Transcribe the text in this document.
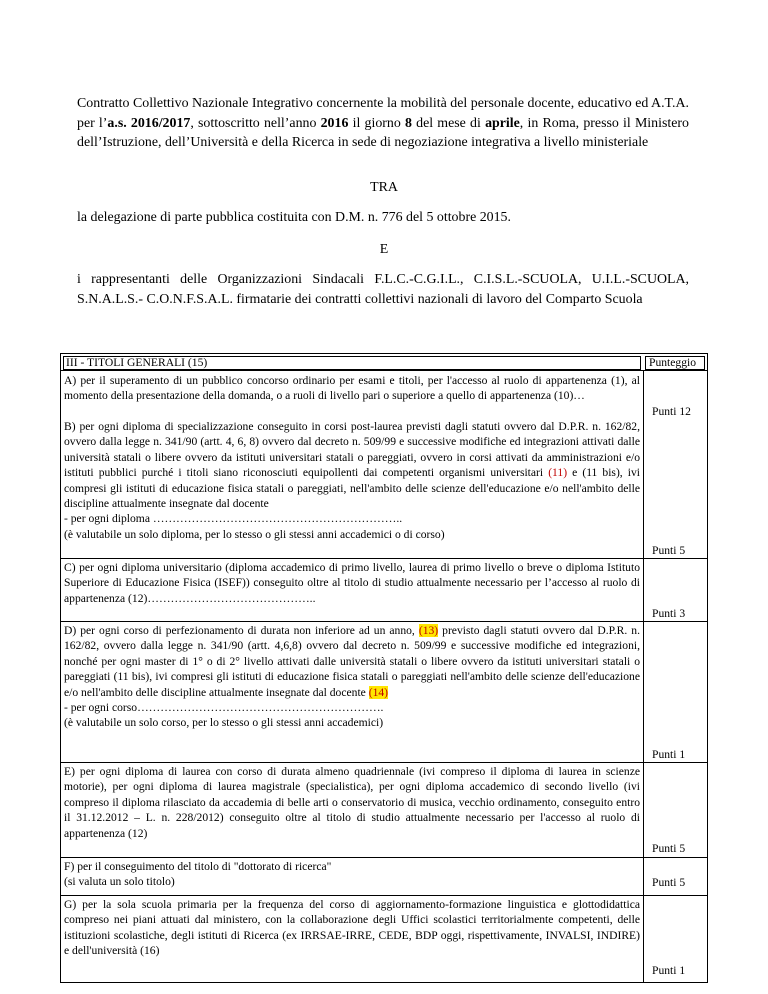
Contratto Collettivo Nazionale Integrativo concernente la mobilità del personale docente, educativo ed A.T.A. per l’a.s. 2016/2017, sottoscritto nell’anno 2016 il giorno 8 del mese di aprile, in Roma, presso il Ministero dell’Istruzione, dell’Università e della Ricerca in sede di negoziazione integrativa a livello ministeriale
TRA
la delegazione di parte pubblica costituita con D.M. n. 776 del 5 ottobre 2015.
E
i rappresentanti delle Organizzazioni Sindacali F.L.C.-C.G.I.L., C.I.S.L.-SCUOLA, U.I.L.-SCUOLA, S.N.A.L.S.- C.O.N.F.S.A.L. firmatarie dei contratti collettivi nazionali di lavoro del Comparto Scuola
III - TITOLI GENERALI (15)	Punteggio
A) per il superamento di un pubblico concorso ordinario per esami e titoli, per l'accesso al ruolo di appartenenza (1), al momento della presentazione della domanda, o a ruoli di livello pari o superiore a quello di appartenenza (10)…
Punti 12
B) per ogni diploma di specializzazione conseguito in corsi post-laurea previsti dagli statuti ovvero dal D.P.R. n. 162/82, ovvero dalla legge n. 341/90 (artt. 4, 6, 8) ovvero dal decreto n. 509/99 e successive modifiche ed integrazioni attivati dalle università statali o libere ovvero da istituti universitari statali o pareggiati, ovvero in corsi attivati da amministrazioni e/o istituti pubblici purché i titoli siano riconosciuti equipollenti dai competenti organismi universitari (11) e (11 bis), ivi compresi gli istituti di educazione fisica statali o pareggiati, nell'ambito delle scienze dell'educazione e/o nell'ambito delle discipline attualmente insegnate dal docente
- per ogni diploma ………………………………………………………..
(è valutabile un solo diploma, per lo stesso o gli stessi anni accademici o di corso)
Punti 5
C) per ogni diploma universitario (diploma accademico di primo livello, laurea di primo livello o breve o diploma Istituto Superiore di Educazione Fisica (ISEF)) conseguito oltre al titolo di studio attualmente necessario per l’accesso al ruolo di appartenenza (12)……………………………………..
Punti 3
D) per ogni corso di perfezionamento di durata non inferiore ad un anno, (13) previsto dagli statuti ovvero dal D.P.R. n. 162/82, ovvero dalla legge n. 341/90 (artt. 4,6,8) ovvero dal decreto n. 509/99 e successive modifiche ed integrazioni, nonché per ogni master di 1° o di 2° livello attivati dalle università statali o libere ovvero da istituti universitari statali o pareggiati (11 bis), ivi compresi gli istituti di educazione fisica statali o pareggiati nell'ambito delle scienze dell'educazione e/o nell'ambito delle discipline attualmente insegnate dal docente (14)
- per ogni corso……………………………………………………….
(è valutabile un solo corso, per lo stesso o gli stessi anni accademici)
Punti 1
E) per ogni diploma di laurea con corso di durata almeno quadriennale (ivi compreso il diploma di laurea in scienze motorie), per ogni diploma di laurea magistrale (specialistica), per ogni diploma accademico di secondo livello (ivi compreso il diploma rilasciato da accademia di belle arti o conservatorio di musica, vecchio ordinamento, conseguito entro il 31.12.2012 – L. n. 228/2012) conseguito oltre al titolo di studio attualmente necessario per l'accesso al ruolo di appartenenza (12)
Punti 5
F) per il conseguimento del titolo di "dottorato di ricerca"
(si valuta un solo titolo)	Punti 5
G) per la sola scuola primaria per la frequenza del corso di aggiornamento-formazione linguistica e glottodidattica compreso nei piani attuati dal ministero, con la collaborazione degli Uffici scolastici territorialmente competenti, delle istituzioni scolastiche, degli istituti di Ricerca (ex IRRSAE-IRRE, CEDE, BDP oggi, rispettivamente, INVALSI, INDIRE) e dell'università (16)
Punti 1
